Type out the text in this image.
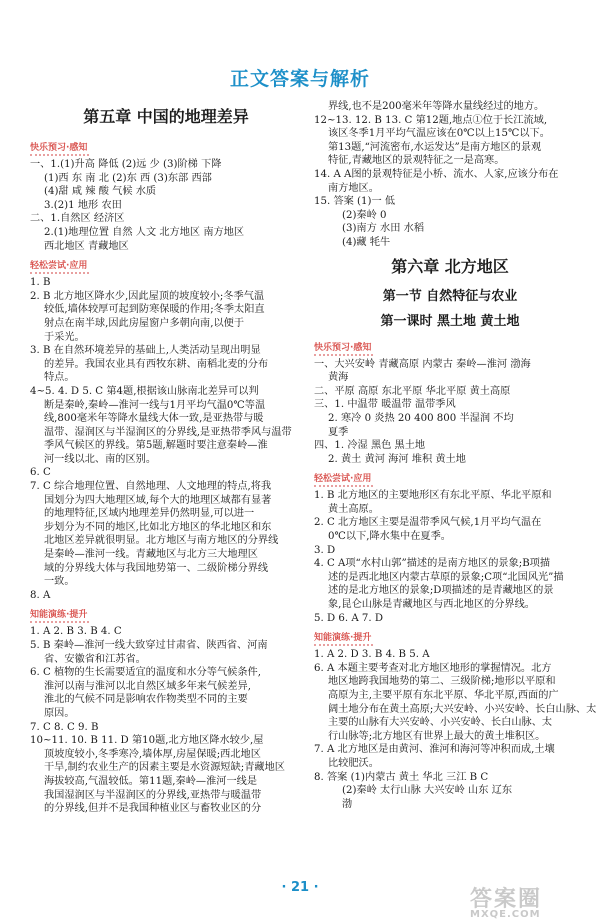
正文答案与解析
第五章 中国的地理差异
快乐预习·感知
一、1.(1)升高 降低 (2)远 少 (3)阶梯 下降
(1)西 东 南 北 (2)东 西 (3)东部 西部
(4)甜 咸 辣 酸 气候 水质
3.(2)1 地形 农田
二、1.自然区 经济区
2.(1)地理位置 自然 人文 北方地区 南方地区
西北地区 青藏地区
轻松尝试·应用
1. B
2. B 北方地区降水少,因此屋顶的坡度较小;冬季气温
较低,墙体较厚可起到防寒保暖的作用;冬季太阳直
射点在南半球,因此房屋窗户多朝向南,以便于
于采光。
3. B 在自然环境差异的基础上,人类活动呈现出明显
的差异。我国农业具有西牧东耕、南稻北麦的分布
特点。
4~5. 4. D 5. C 第4题,根据该山脉南北差异可以判
断是秦岭,秦岭—淮河一线与1月平均气温0℃等温
线,800毫米年等降水量线大体一致,是亚热带与暖
温带、湿润区与半湿润区的分界线,是亚热带季风与温带
季风气候区的界线。第5题,解题时要注意秦岭—淮
河一线以北、南的区别。
6. C
7. C 综合地理位置、自然地理、人文地理的特点,将我
国划分为四大地理区域,每个大的地理区域都有显著
的地理特征,区域内地理差异仍然明显,可以进一
步划分为不同的地区,比如北方地区的华北地区和东
北地区差异就很明显。北方地区与南方地区的分界线
是秦岭—淮河一线。青藏地区与北方三大地理区
域的分界线大体与我国地势第一、二级阶梯分界线
一致。
8. A
知能演练·提升
1. A 2. B 3. B 4. C
5. B 秦岭—淮河一线大致穿过甘肃省、陕西省、河南
省、安徽省和江苏省。
6. C 植物的生长需要适宜的温度和水分等气候条件,
淮河以南与淮河以北自然区域多年来气候差异,
淮北的气候不同是影响农作物类型不同的主要
原因。
7. C 8. C 9. B
10~11. 10. B 11. D 第10题,北方地区降水较少,屋
顶坡度较小,冬季寒冷,墙体厚,房屋保暖;西北地区
干旱,制约农业生产的因素主要是水资源短缺;青藏地区
海拔较高,气温较低。第11题,秦岭—淮河一线是
我国湿润区与半湿润区的分界线,亚热带与暖温带
的分界线,但并不是我国种植业区与畜牧业区的分
界线,也不是200毫米年等降水量线经过的地方。
12~13. 12. B 13. C 第12题,地点①位于长江流域,
该区冬季1月平均气温应该在0℃以上15℃以下。
第13题,“河流密布,水运发达”是南方地区的景观
特征,青藏地区的景观特征之一是高寒。
14. A A图的景观特征是小桥、流水、人家,应该分布在
南方地区。
15. 答案 (1)一 低
(2)秦岭 0
(3)南方 水田 水稻
(4)藏 牦牛
第六章 北方地区
第一节 自然特征与农业
第一课时 黑土地 黄土地
快乐预习·感知
一、大兴安岭 青藏高原 内蒙古 秦岭—淮河 渤海
黄海
二、平原 高原 东北平原 华北平原 黄土高原
三、1. 中温带 暖温带 温带季风
2. 寒冷 0 炎热 20 400 800 半湿润 不均
夏季
四、1. 冷湿 黑色 黑土地
2. 黄土 黄河 海河 堆积 黄土地
轻松尝试·应用
1. B 北方地区的主要地形区有东北平原、华北平原和
黄土高原。
2. C 北方地区主要是温带季风气候,1月平均气温在
0℃以下,降水集中在夏季。
3. D
4. C A项“水村山郭”描述的是南方地区的景象;B项描
述的是西北地区内蒙古草原的景象;C项“北国风光”描
述的是北方地区的景象;D项描述的是青藏地区的景
象,昆仑山脉是青藏地区与西北地区的分界线。
5. D 6. A 7. D
知能演练·提升
1. A 2. D 3. B 4. B 5. A
6. A 本题主要考查对北方地区地形的掌握情况。北方
地区地跨我国地势的第二、三级阶梯;地形以平原和
高原为主,主要平原有东北平原、华北平原,西面的广
阔土地分布在黄土高原;大兴安岭、小兴安岭、长白山脉、太
主要的山脉有大兴安岭、小兴安岭、长白山脉、太
行山脉等;北方地区有世界上最大的黄土堆积区。
7. A 北方地区是由黄河、淮河和海河等冲积而成,土壤
比较肥沃。
8. 答案 (1)内蒙古 黄土 华北 三江 B C
(2)秦岭 太行山脉 大兴安岭 山东 辽东
渤
· 21 ·	答案圈
MXQE.COM
